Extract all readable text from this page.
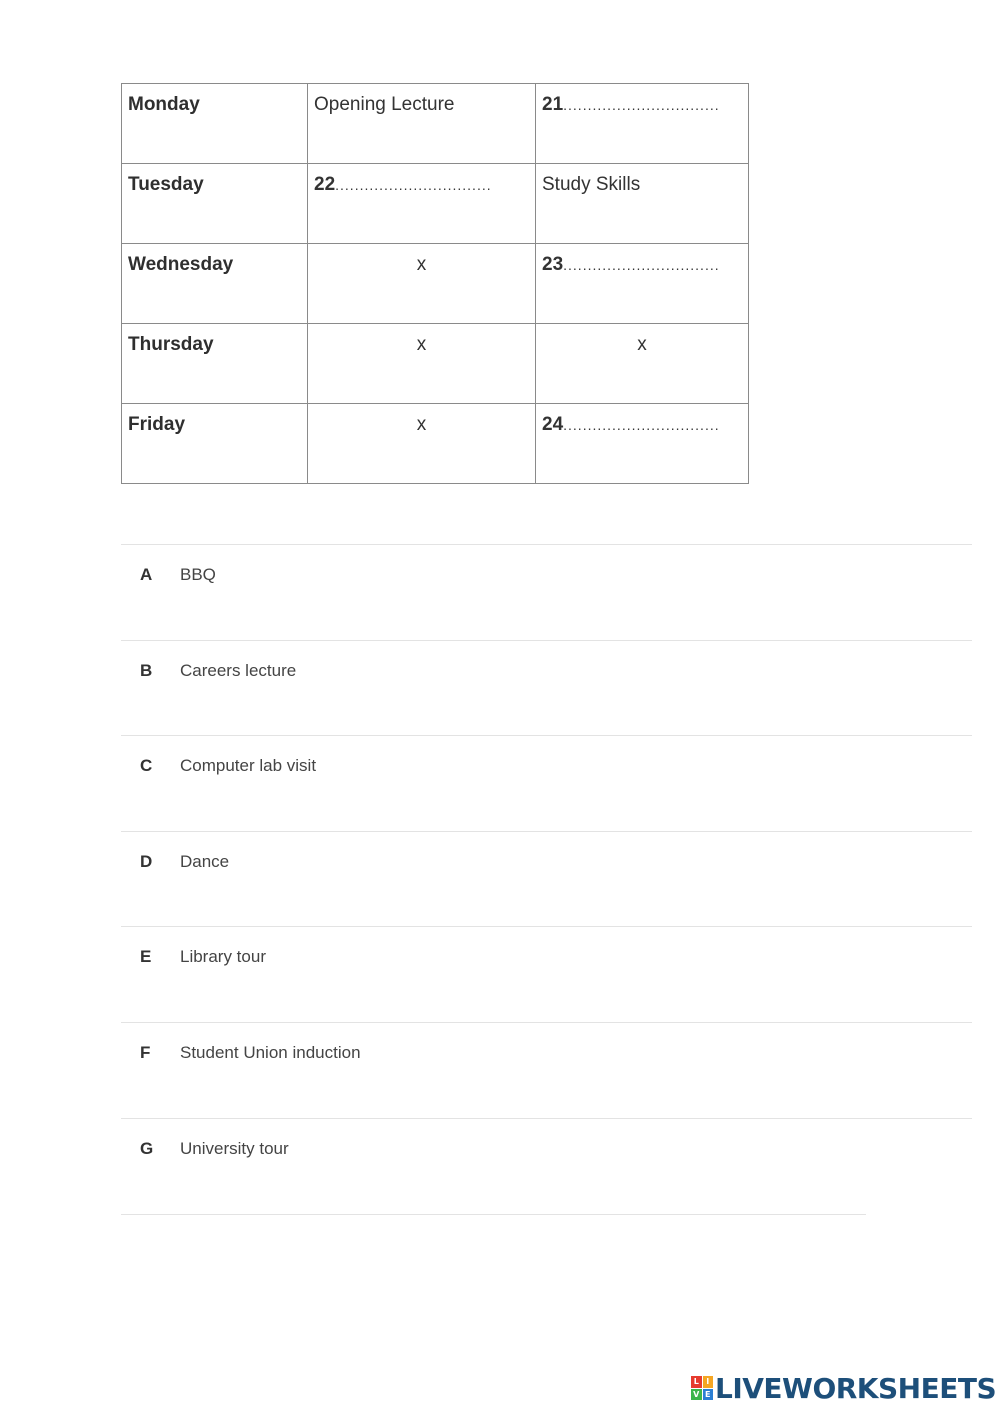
Monday	Opening Lecture	21................................
Tuesday	22................................	Study Skills
Wednesday	x	23................................
Thursday	x	x
Friday	x	24................................
A BBQ
B Careers lecture
C Computer lab visit
D Dance
E Library tour
F Student Union induction
G University tour
L I
V E LIVEWORKSHEETS
